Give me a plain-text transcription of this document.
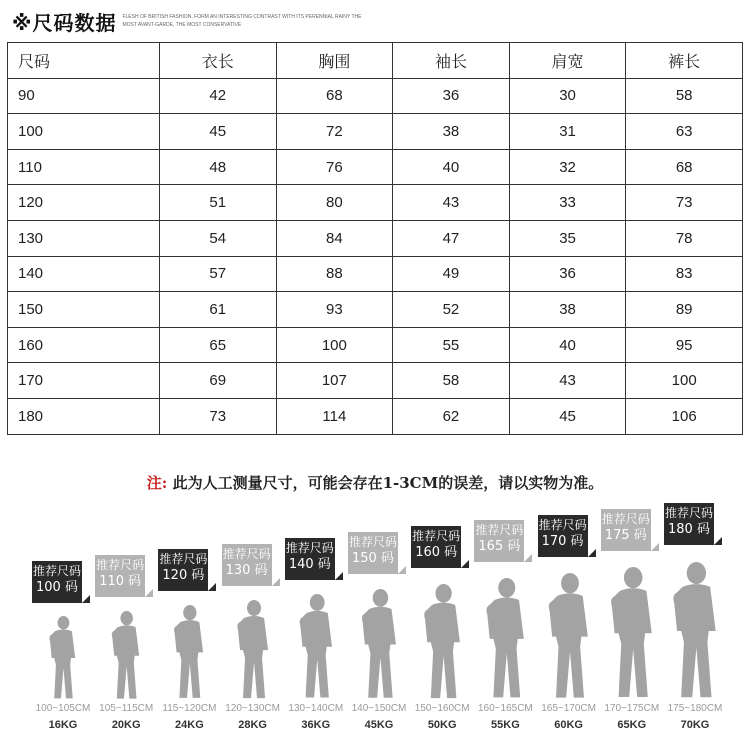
※尺码数据 FLESH OF BRITISH FASHION, FORM AN INTERESTING CONTRAST WITH ITS PERENNIAL RAINY THE MOST AVANT-GARDE, THE MOST CONSERVATIVE
尺码	衣长	胸围	袖长	肩宽	裤长
90	42	68	36	30	58
100	45	72	38	31	63
110	48	76	40	32	68
120	51	80	43	33	73
130	54	84	47	35	78
140	57	88	49	36	83
150	61	93	52	38	89
160	65	100	55	40	95
170	69	107	58	43	100
180	73	114	62	45	106
注: 此为人工测量尺寸，可能会存在1-3CM的误差，请以实物为准。
推荐尺码
100 码
100~105CM
16KG
推荐尺码
110 码
105~115CM
20KG
推荐尺码
120 码
115~120CM
24KG
推荐尺码
130 码
120~130CM
28KG
推荐尺码
140 码
130~140CM
36KG
推荐尺码
150 码
140~150CM
45KG
推荐尺码
160 码
150~160CM
50KG
推荐尺码
165 码
160~165CM
55KG
推荐尺码
170 码
165~170CM
60KG
推荐尺码
175 码
170~175CM
65KG
推荐尺码
180 码
175~180CM
70KG
